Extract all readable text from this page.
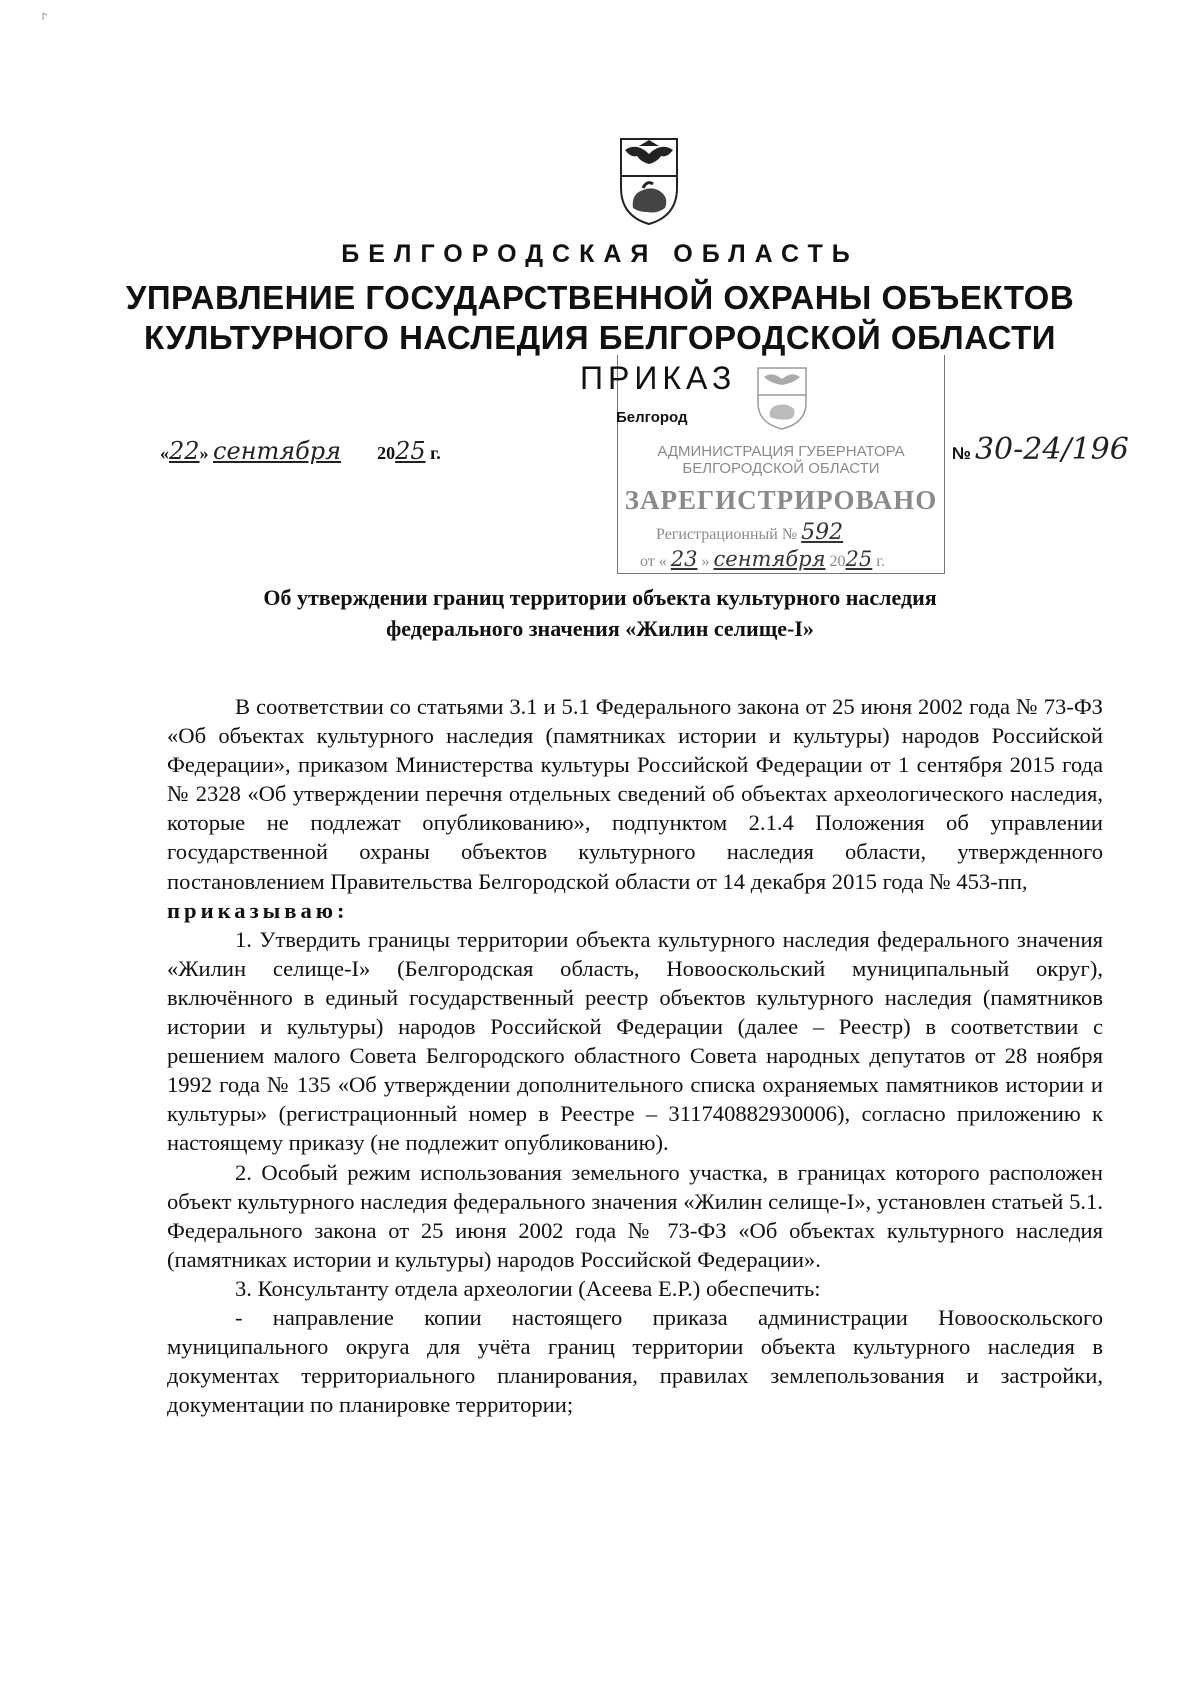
БЕЛГОРОДСКАЯ ОБЛАСТЬ
УПРАВЛЕНИЕ ГОСУДАРСТВЕННОЙ ОХРАНЫ ОБЪЕКТОВ
КУЛЬТУРНОГО НАСЛЕДИЯ БЕЛГОРОДСКОЙ ОБЛАСТИ
АДМИНИСТРАЦИЯ ГУБЕРНАТОРА
БЕЛГОРОДСКОЙ ОБЛАСТИ
ЗАРЕГИСТРИРОВАНО
Регистрационный № 592
от « 23 » сентября 2025 г.
ПРИКАЗ
Белгород
«22» сентября 2025 г.	№ 30-24/196
Об утверждении границ территории объекта культурного наследия
федерального значения «Жилин селище-I»

В соответствии со статьями 3.1 и 5.1 Федерального закона от 25 июня 2002 года № 73-ФЗ «Об объектах культурного наследия (памятниках истории и культуры) народов Российской Федерации», приказом Министерства культуры Российской Федерации от 1 сентября 2015 года № 2328 «Об утверждении перечня отдельных сведений об объектах археологического наследия, которые не подлежат опубликованию», подпунктом 2.1.4 Положения об управлении государственной охраны объектов культурного наследия области, утвержденного постановлением Правительства Белгородской области от 14 декабря 2015 года № 453-пп,

приказываю:

1. Утвердить границы территории объекта культурного наследия федерального значения «Жилин селище-I» (Белгородская область, Новооскольский муниципальный округ), включённого в единый государственный реестр объектов культурного наследия (памятников истории и культуры) народов Российской Федерации (далее – Реестр) в соответствии с решением малого Совета Белгородского областного Совета народных депутатов от 28 ноября 1992 года № 135 «Об утверждении дополнительного списка охраняемых памятников истории и культуры» (регистрационный номер в Реестре – 311740882930006), согласно приложению к настоящему приказу (не подлежит опубликованию).

2. Особый режим использования земельного участка, в границах которого расположен объект культурного наследия федерального значения «Жилин селище-I», установлен статьей 5.1. Федерального закона от 25 июня 2002 года № 73-ФЗ «Об объектах культурного наследия (памятниках истории и культуры) народов Российской Федерации».

3. Консультанту отдела археологии (Асеева Е.Р.) обеспечить:

- направление копии настоящего приказа администрации Новооскольского муниципального округа для учёта границ территории объекта культурного наследия в документах территориального планирования, правилах землепользования и застройки, документации по планировке территории;
